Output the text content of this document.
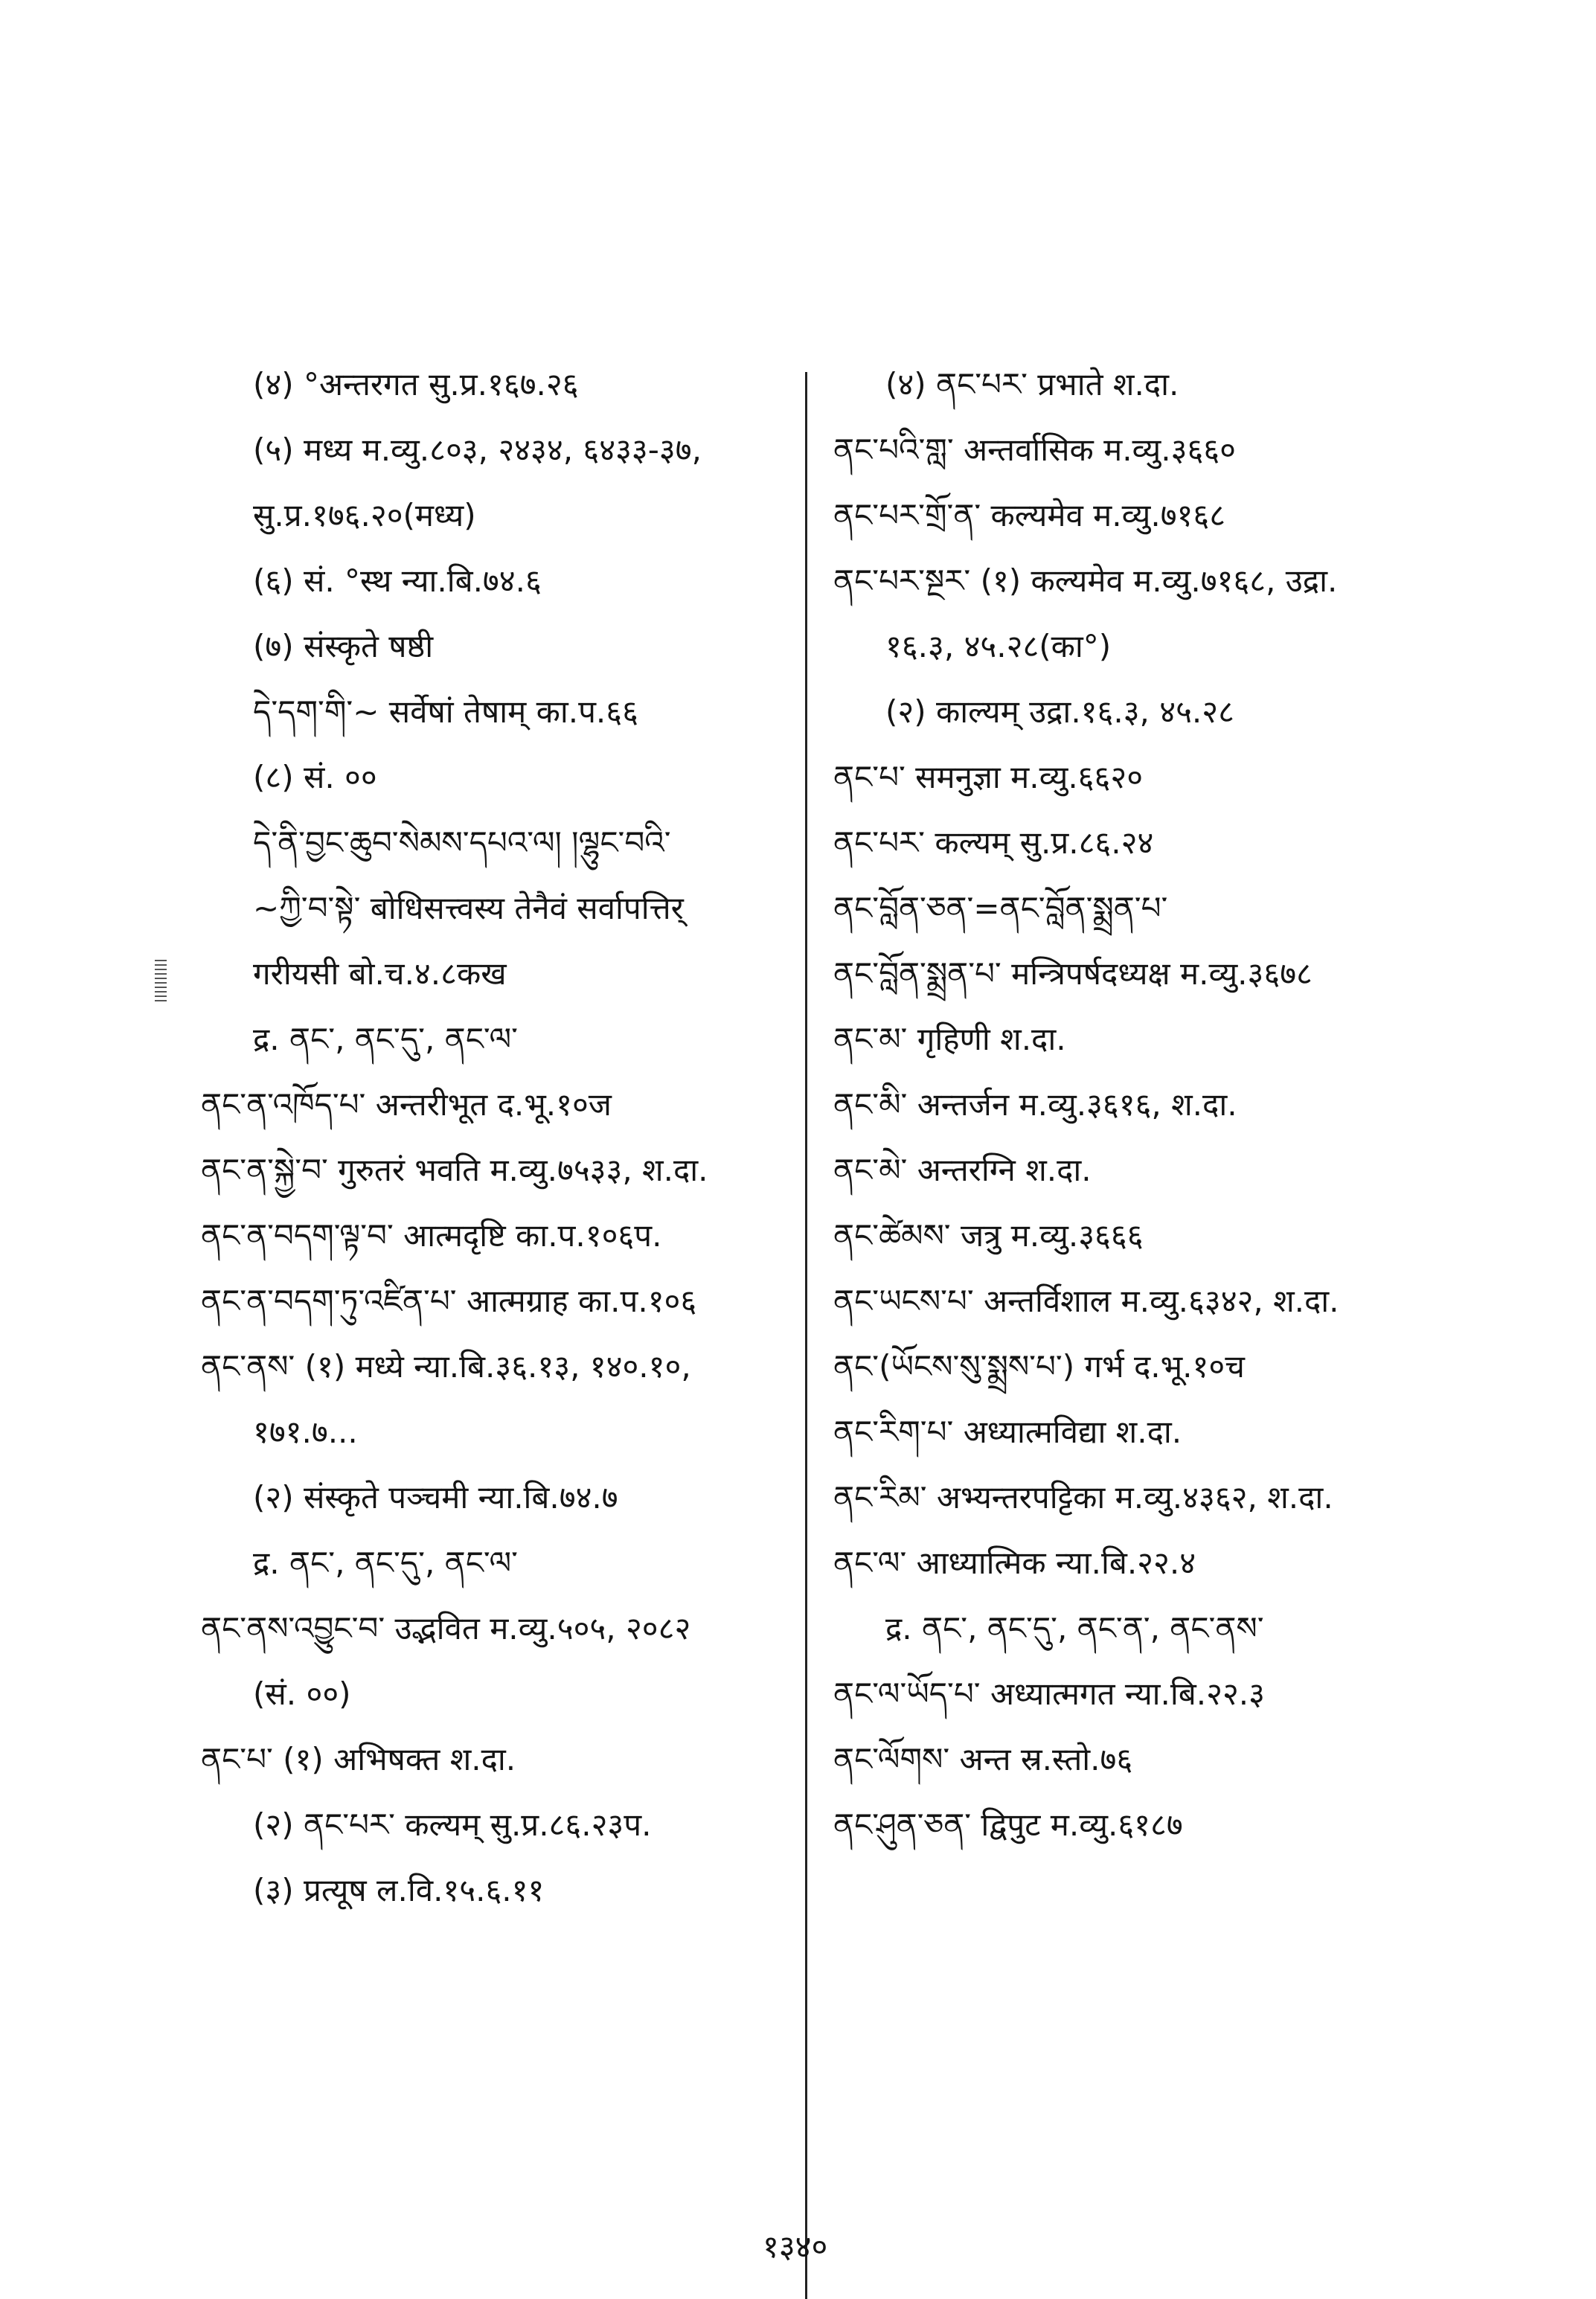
(४) °अन्तरगत सु.प्र.१६७.२६
(५) मध्य म.व्यु.८०३, २४३४, ६४३३-३७,
सु.प्र.१७६.२०(मध्य)
(६) सं. °स्थ न्या.बि.७४.६
(७) संस्कृते षष्ठी
དེ་དག་གི་~ सर्वेषां तेषाम् का.प.६६
(८) सं. ००
དེ་ནི་བྱང་ཆུབ་སེམས་དཔའ་ལ། །ལྷུང་བའི་
~ཀྱི་བ་སྟེ་ बोधिसत्त्वस्य तेनैवं सर्वापत्तिर्
गरीयसी बो.च.४.८कख
द्र. ནང་, ནང་དུ་, ནང་ལ་
ནང་ན་འཁོད་པ་ अन्तरीभूत द.भू.१०ज
ནང་ན་སྐྱེ་བ་ गुरुतरं भवति म.व्यु.७५३३, श.दा.
ནང་ན་བདག་ལྟ་བ་ आत्मदृष्टि का.प.१०६प.
ནང་ན་བདག་ཏུ་འཛིན་པ་ आत्मग्राह का.प.१०६
ནང་ནས་ (१) मध्ये न्या.बि.३६.१३, १४०.१०,
१७१.७...
(२) संस्कृते पञ्चमी न्या.बि.७४.७
द्र. ནང་, ནང་དུ་, ནང་ལ་
ནང་ནས་འབྱུང་བ་ उद्भवित म.व्यु.५०५, २०८२
(सं. ००)
ནང་པ་ (१) अभिषक्त श.दा.
(२) ནང་པར་ कल्यम् सु.प्र.८६.२३प.
(३) प्रत्यूष ल.वि.१५.६.११
(४) ནང་པར་ प्रभाते श.दा.
ནང་པའི་གླ་ अन्तर्वासिक म.व्यु.३६६०
ནང་པར་གྲོ་ན་ कल्यमेव म.व्यु.७१६८
ནང་པར་སྔར་ (१) कल्यमेव म.व्यु.७१६८, उद्रा.
१६.३, ४५.२८(का°)
(२) काल्यम् उद्रा.१६.३, ४५.२८
ནང་པ་ समनुज्ञा म.व्यु.६६२०
ནང་པར་ कल्यम् सु.प्र.८६.२४
ནང་བློན་ཅན་=ནང་བློན་སྨྲན་པ་
ནང་བློན་སྨྲན་པ་ मन्त्रिपर्षदध्यक्ष म.व्यु.३६७८
ནང་མ་ गृहिणी श.दा.
ནང་མི་ अन्तर्जन म.व्यु.३६१६, श.दा.
ནང་མེ་ अन्तरग्नि श.दा.
ནང་ཚེམས་ जत्रु म.व्यु.३६६६
ནང་ཡངས་པ་ अन्तर्विशाल म.व्यु.६३४२, श.दा.
ནང་(ཡོངས་སུ་སྨྲས་པ་) गर्भ द.भू.१०च
ནང་རིག་པ་ अध्यात्मविद्या श.दा.
ནང་རིམ་ अभ्यन्तरपट्टिका म.व्यु.४३६२, श.दा.
ནང་ལ་ आध्यात्मिक न्या.बि.२२.४
द्र. ནང་, ནང་དུ་, ནང་ན་, ནང་ནས་
ནང་ལ་ཡོད་པ་ अध्यात्मगत न्या.बि.२२.३
ནང་ལོགས་ अन्त स्र.स्तो.७६
ནང་ཤུན་ཅན་ द्विपुट म.व्यु.६१८७
१३४०
